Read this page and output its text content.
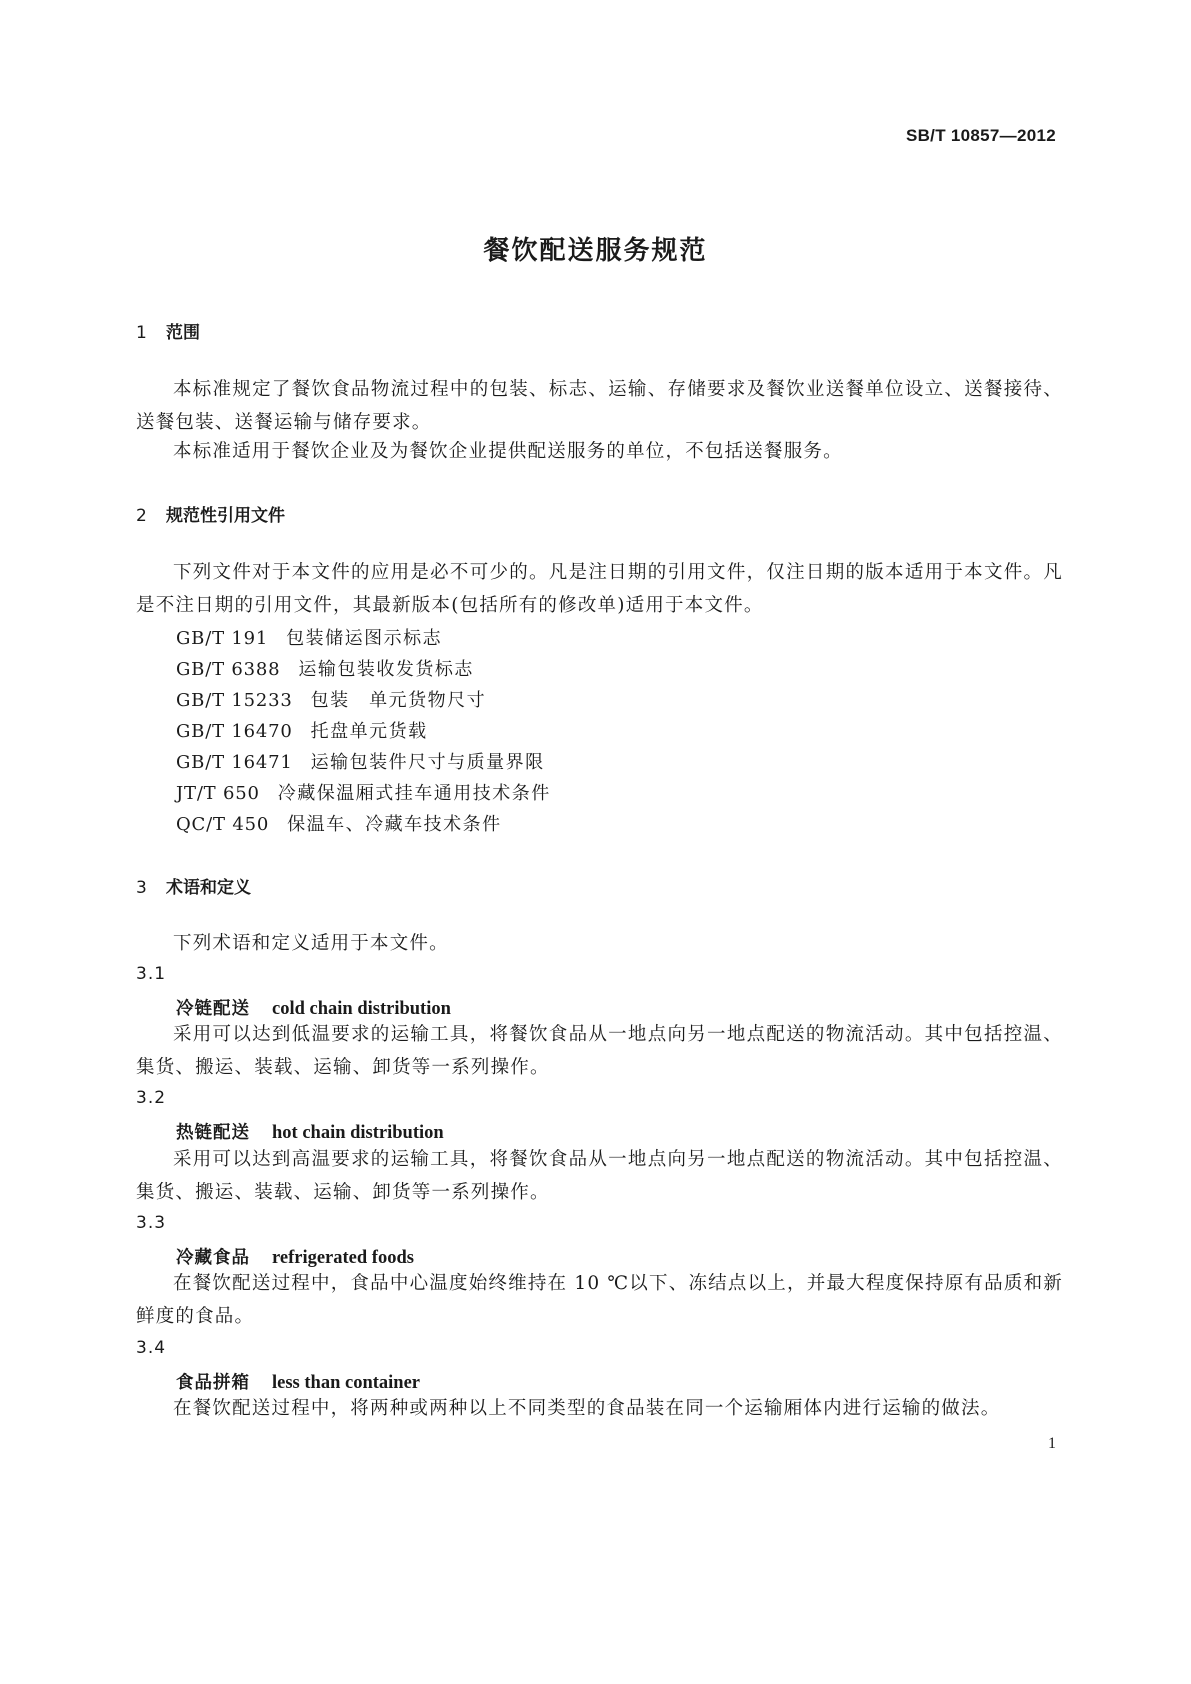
SB/T 10857—2012
餐饮配送服务规范
1 范围

本标准规定了餐饮食品物流过程中的包装、标志、运输、存储要求及餐饮业送餐单位设立、送餐接待、送餐包装、送餐运输与储存要求。

本标准适用于餐饮企业及为餐饮企业提供配送服务的单位，不包括送餐服务。

2 规范性引用文件

下列文件对于本文件的应用是必不可少的。凡是注日期的引用文件，仅注日期的版本适用于本文件。凡是不注日期的引用文件，其最新版本(包括所有的修改单)适用于本文件。

GB/T 191 包装储运图示标志
GB/T 6388 运输包装收发货标志
GB/T 15233 包装　单元货物尺寸
GB/T 16470 托盘单元货载
GB/T 16471 运输包装件尺寸与质量界限
JT/T 650 冷藏保温厢式挂车通用技术条件
QC/T 450 保温车、冷藏车技术条件
3 术语和定义

下列术语和定义适用于本文件。

3.1
冷链配送 cold chain distribution

采用可以达到低温要求的运输工具，将餐饮食品从一地点向另一地点配送的物流活动。其中包括控温、集货、搬运、装载、运输、卸货等一系列操作。

3.2
热链配送 hot chain distribution

采用可以达到高温要求的运输工具，将餐饮食品从一地点向另一地点配送的物流活动。其中包括控温、集货、搬运、装载、运输、卸货等一系列操作。

3.3
冷藏食品 refrigerated foods

在餐饮配送过程中，食品中心温度始终维持在 10 ℃以下、冻结点以上，并最大程度保持原有品质和新鲜度的食品。

3.4
食品拼箱 less than container

在餐饮配送过程中，将两种或两种以上不同类型的食品装在同一个运输厢体内进行运输的做法。

1
